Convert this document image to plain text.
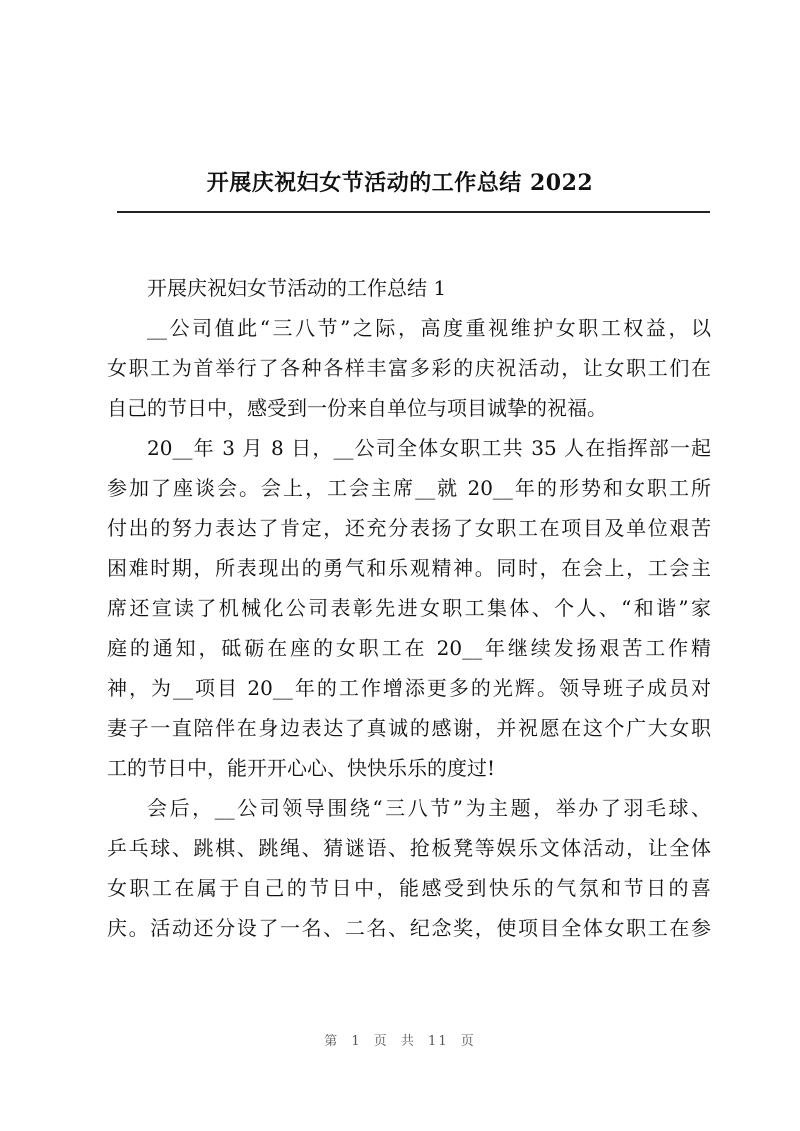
开展庆祝妇女节活动的工作总结 2022
开展庆祝妇女节活动的工作总结 1
__公司值此“三八节”之际，高度重视维护女职工权益，以
女职工为首举行了各种各样丰富多彩的庆祝活动，让女职工们在
自己的节日中，感受到一份来自单位与项目诚挚的祝福。
20__年 3 月 8 日，__公司全体女职工共 35 人在指挥部一起
参加了座谈会。会上，工会主席__就 20__年的形势和女职工所
付出的努力表达了肯定，还充分表扬了女职工在项目及单位艰苦
困难时期，所表现出的勇气和乐观精神。同时，在会上，工会主
席还宣读了机械化公司表彰先进女职工集体、个人、“和谐”家
庭的通知，砥砺在座的女职工在 20__年继续发扬艰苦工作精
神，为__项目 20__年的工作增添更多的光辉。领导班子成员对
妻子一直陪伴在身边表达了真诚的感谢，并祝愿在这个广大女职
工的节日中，能开开心心、快快乐乐的度过!
会后，__公司领导围绕“三八节”为主题，举办了羽毛球、
乒乓球、跳棋、跳绳、猜谜语、抢板凳等娱乐文体活动，让全体
女职工在属于自己的节日中，能感受到快乐的气氛和节日的喜
庆。活动还分设了一名、二名、纪念奖，使项目全体女职工在参
第 1 页 共 11 页
